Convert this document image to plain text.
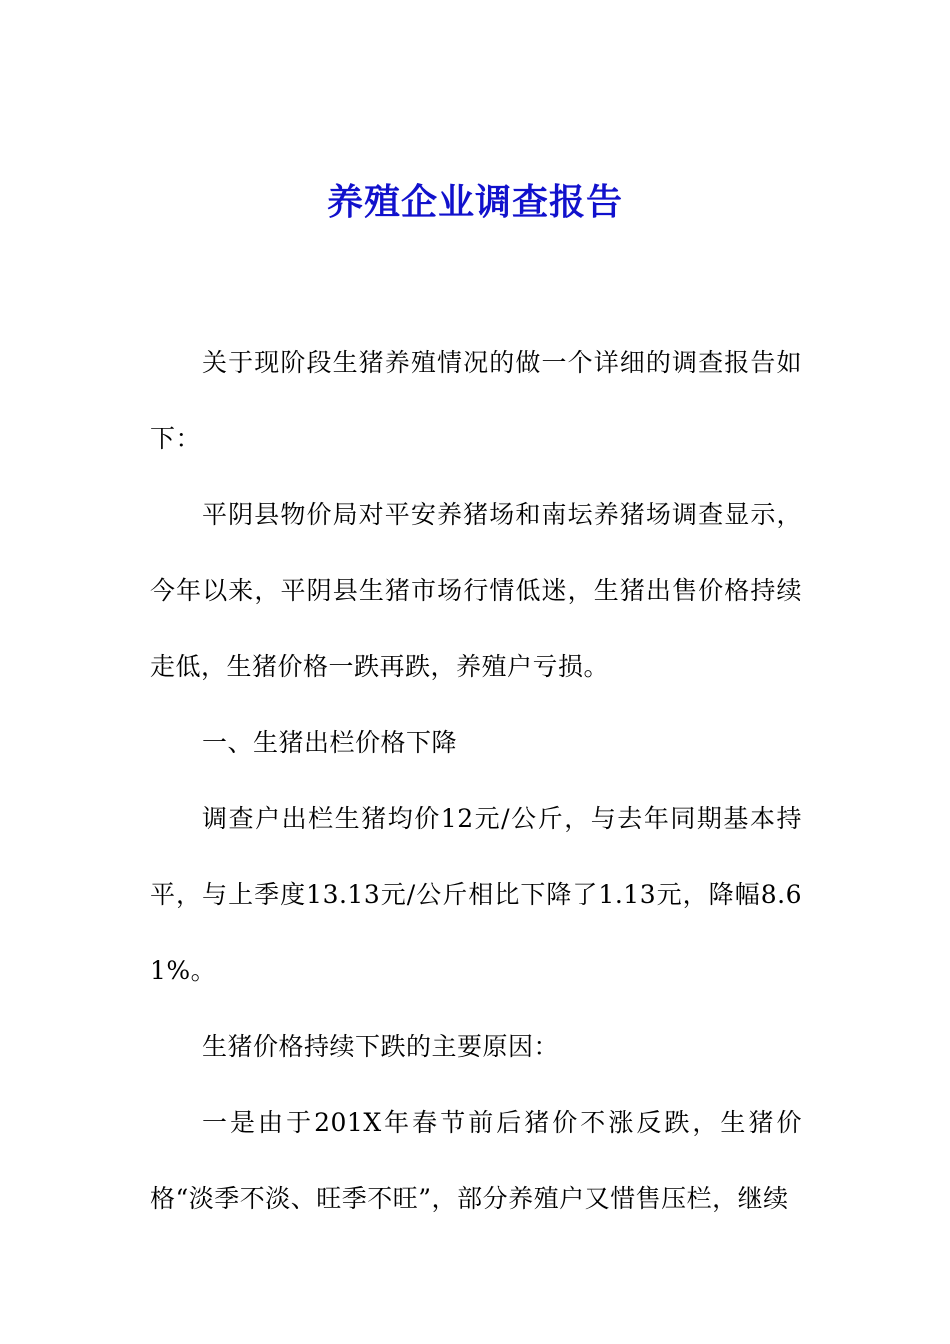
养殖企业调查报告

关于现阶段生猪养殖情况的做一个详细的调查报告如下：

平阴县物价局对平安养猪场和南坛养猪场调查显示，今年以来，平阴县生猪市场行情低迷，生猪出售价格持续走低，生猪价格一跌再跌，养殖户亏损。

一、生猪出栏价格下降

调查户出栏生猪均价12元/公斤，与去年同期基本持平，与上季度13.13元/公斤相比下降了1.13元，降幅8.61%。

生猪价格持续下跌的主要原因：

一是由于201X年春节前后猪价不涨反跌，生猪价格“淡季不淡、旺季不旺”，部分养殖户又惜售压栏，继续
